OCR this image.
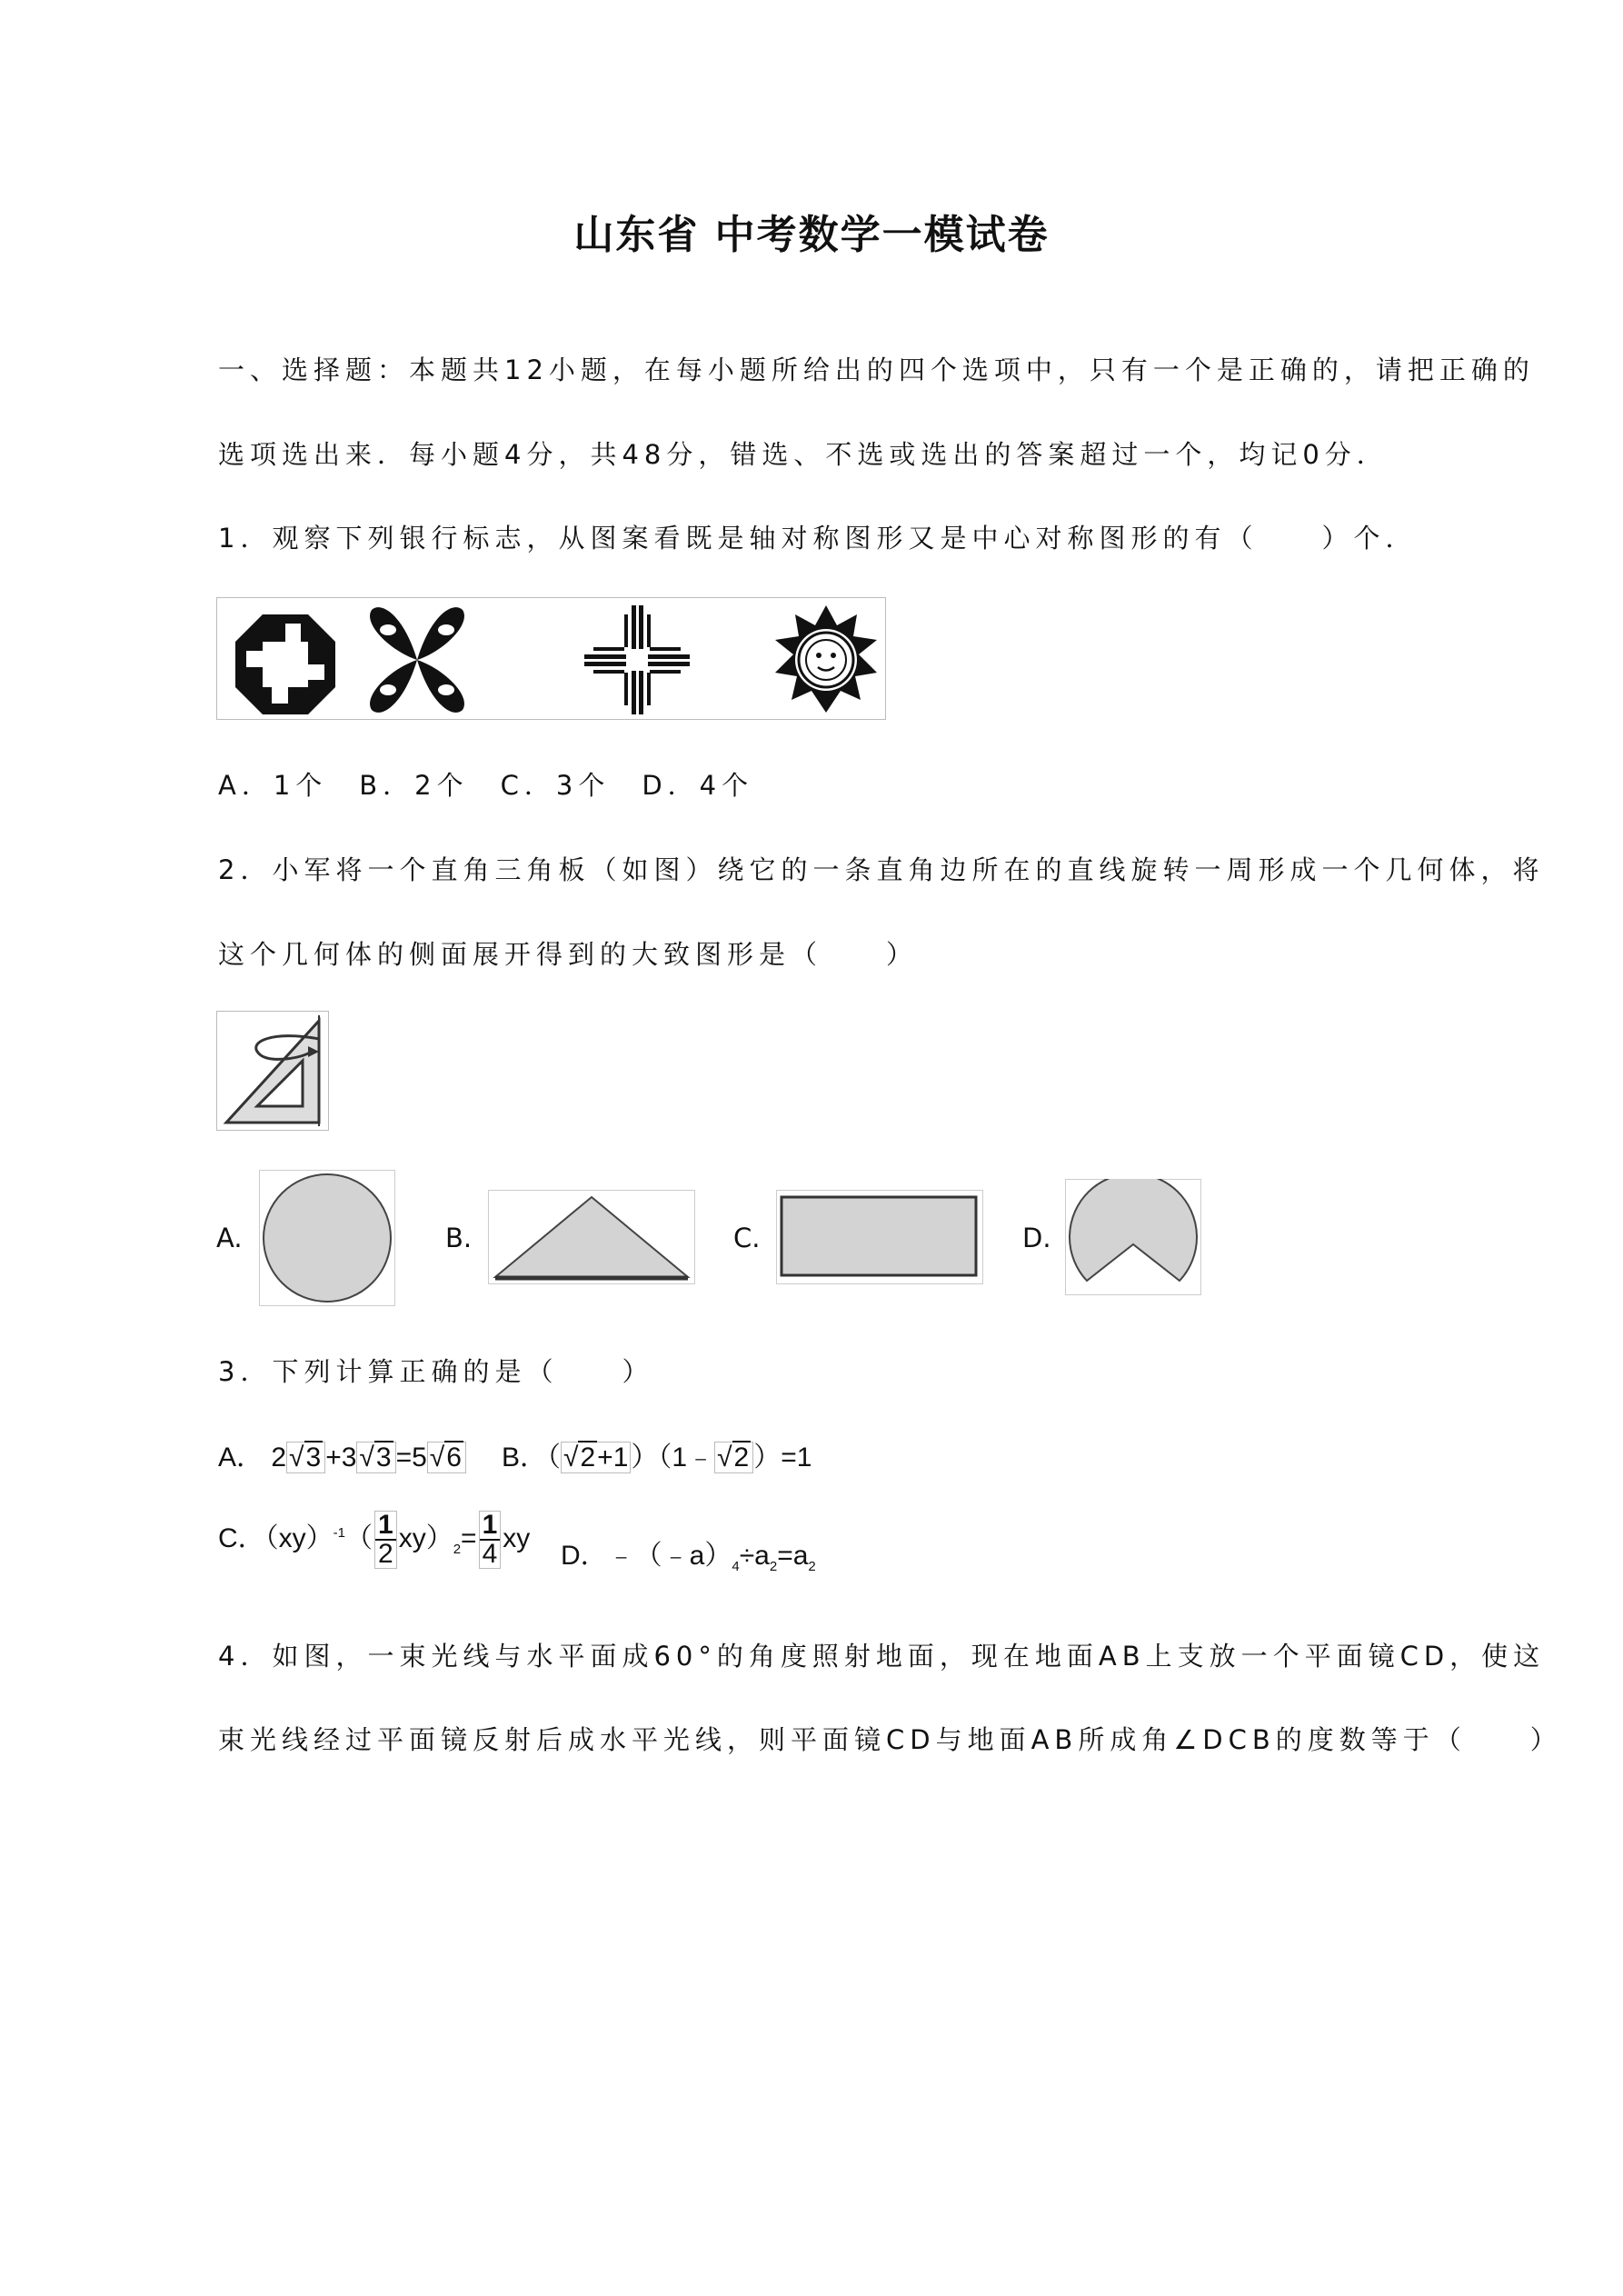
山东省 中考数学一模试卷
一、选择题：本题共12小题，在每小题所给出的四个选项中，只有一个是正确的，请把正确的
选项选出来．每小题4分，共48分，错选、不选或选出的答案超过一个，均记0分．
1．观察下列银行标志，从图案看既是轴对称图形又是中心对称图形的有（　　）个．
A．1个　B．2个　C．3个　D．4个
2．小军将一个直角三角板（如图）绕它的一条直角边所在的直线旋转一周形成一个几何体，将
这个几何体的侧面展开得到的大致图形是（　　）
A.	B.	C.	D.
3．下列计算正确的是（　　）
A． 2 √3 +3 √3 =5 √6 B．（ √2+1 ）（1﹣ √2 ）=1
C．$(xy)^{-1}( \frac{1}{2} xy)_2= \frac{1}{4}$ xy
D．$﹣(﹣a)_4\div a_2=a_2$
4．如图，一束光线与水平面成60°的角度照射地面，现在地面AB上支放一个平面镜CD，使这
束光线经过平面镜反射后成水平光线，则平面镜CD与地面AB所成角∠DCB的度数等于（　　）
